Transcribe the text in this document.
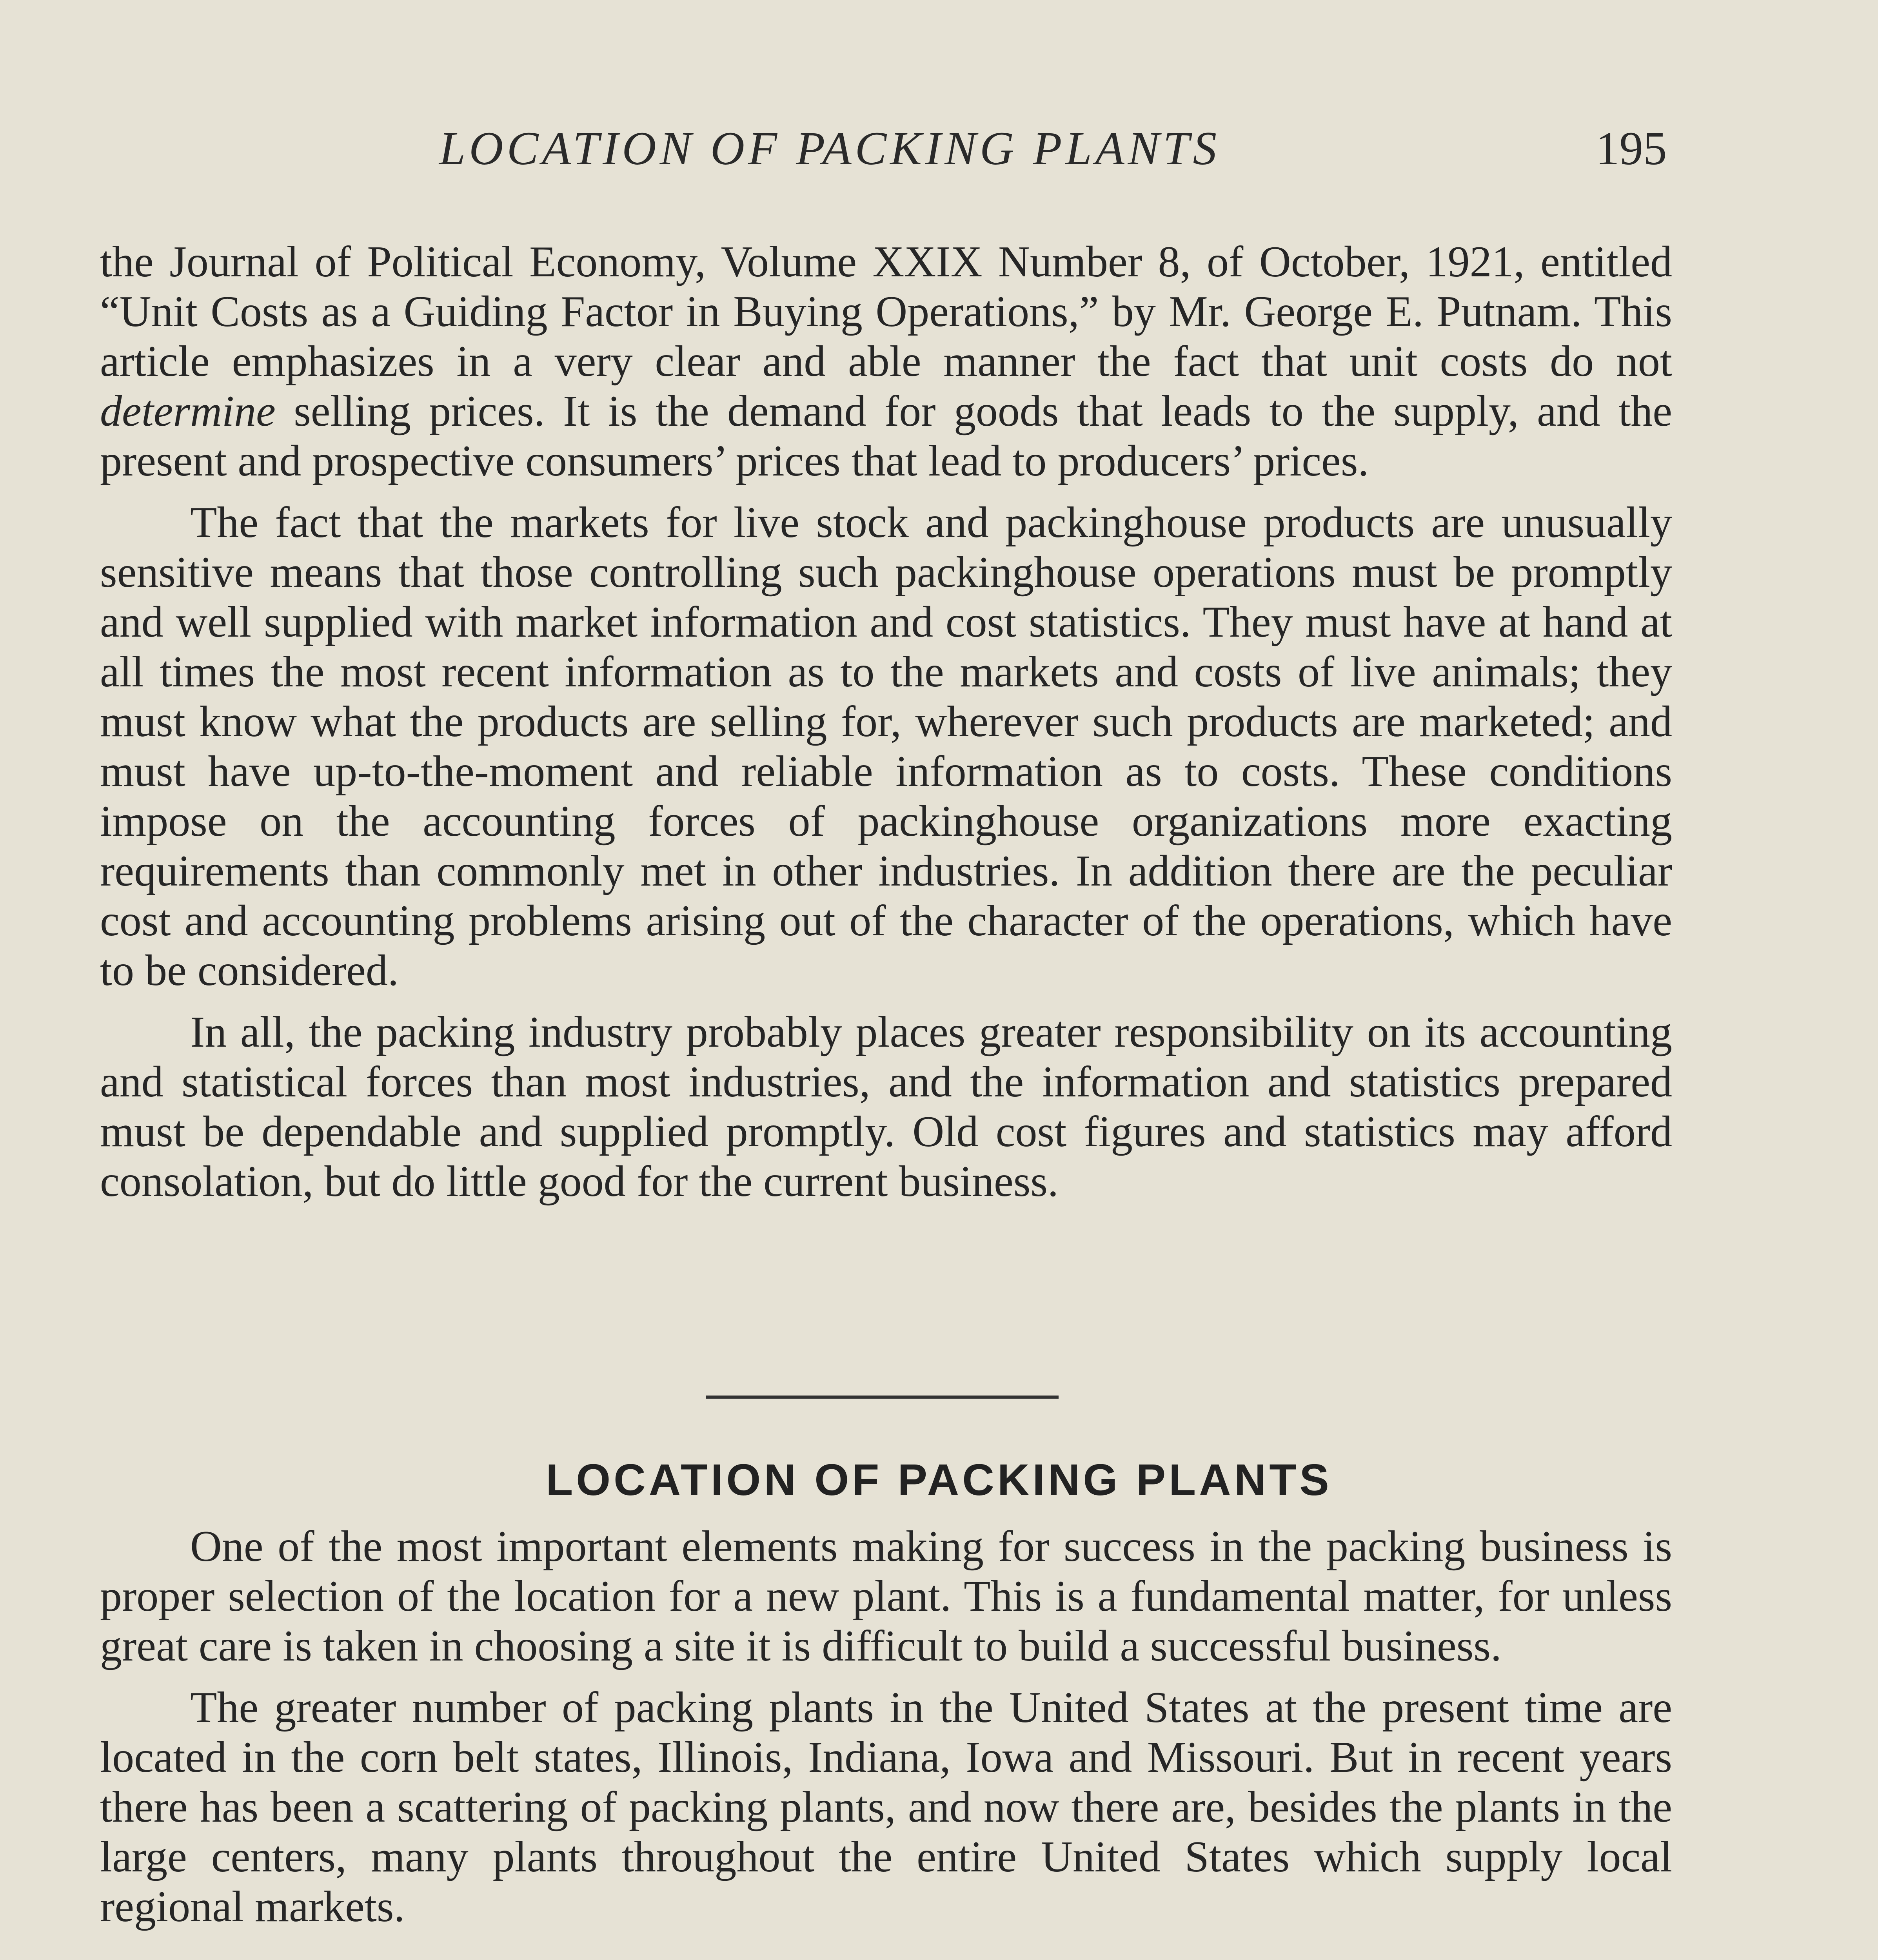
LOCATION OF PACKING PLANTS	195

the Journal of Political Economy, Volume XXIX Number 8, of October, 1921, entitled “Unit Costs as a Guiding Factor in Buying Operations,” by Mr. George E. Putnam. This article emphasizes in a very clear and able manner the fact that unit costs do not determine selling prices. It is the demand for goods that leads to the supply, and the present and prospective consumers’ prices that lead to producers’ prices.

The fact that the markets for live stock and packinghouse products are unusually sensitive means that those controlling such packinghouse operations must be promptly and well supplied with market information and cost statistics. They must have at hand at all times the most recent information as to the markets and costs of live animals; they must know what the products are selling for, wherever such products are marketed; and must have up-to-the-moment and reliable information as to costs. These conditions impose on the accounting forces of packinghouse organizations more exacting requirements than commonly met in other industries. In addition there are the peculiar cost and accounting problems arising out of the character of the operations, which have to be considered.

In all, the packing industry probably places greater responsibility on its accounting and statistical forces than most industries, and the information and statistics prepared must be dependable and supplied promptly. Old cost figures and statistics may afford consolation, but do little good for the current business.

LOCATION OF PACKING PLANTS

One of the most important elements making for success in the packing business is proper selection of the location for a new plant. This is a fundamental matter, for unless great care is taken in choosing a site it is difficult to build a successful business.

The greater number of packing plants in the United States at the present time are located in the corn belt states, Illinois, Indiana, Iowa and Missouri. But in recent years there has been a scattering of packing plants, and now there are, besides the plants in the large centers, many plants throughout the entire United States which supply local regional markets.
